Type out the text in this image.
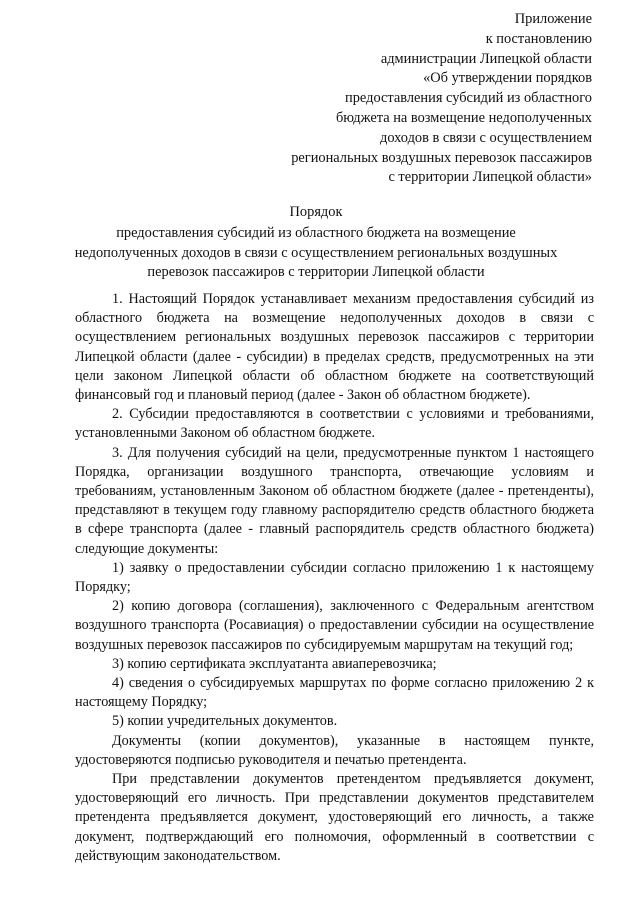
Приложение
к постановлению
администрации Липецкой области
«Об утверждении порядков
предоставления субсидий из областного
бюджета на возмещение недополученных
доходов в связи с осуществлением
региональных воздушных перевозок пассажиров
с территории Липецкой области»
Порядок
предоставления субсидий из областного бюджета на возмещение
недополученных доходов в связи с осуществлением региональных воздушных
перевозок пассажиров с территории Липецкой области

1. Настоящий Порядок устанавливает механизм предоставления субсидий из областного бюджета на возмещение недополученных доходов в связи с осуществлением региональных воздушных перевозок пассажиров с территории Липецкой области (далее - субсидии) в пределах средств, предусмотренных на эти цели законом Липецкой области об областном бюджете на соответствующий финансовый год и плановый период (далее - Закон об областном бюджете).

2. Субсидии предоставляются в соответствии с условиями и требованиями, установленными Законом об областном бюджете.

3. Для получения субсидий на цели, предусмотренные пунктом 1 настоящего Порядка, организации воздушного транспорта, отвечающие условиям и требованиям, установленным Законом об областном бюджете (далее - претенденты), представляют в текущем году главному распорядителю средств областного бюджета в сфере транспорта (далее - главный распорядитель средств областного бюджета) следующие документы:

1) заявку о предоставлении субсидии согласно приложению 1 к настоящему Порядку;

2) копию договора (соглашения), заключенного с Федеральным агентством воздушного транспорта (Росавиация) о предоставлении субсидии на осуществление воздушных перевозок пассажиров по субсидируемым маршрутам на текущий год;

3) копию сертификата эксплуатанта авиаперевозчика;

4) сведения о субсидируемых маршрутах по форме согласно приложению 2 к настоящему Порядку;

5) копии учредительных документов.

Документы (копии документов), указанные в настоящем пункте, удостоверяются подписью руководителя и печатью претендента.

При представлении документов претендентом предъявляется документ, удостоверяющий его личность. При представлении документов представителем претендента предъявляется документ, удостоверяющий его личность, а также документ, подтверждающий его полномочия, оформленный в соответствии с действующим законодательством.
